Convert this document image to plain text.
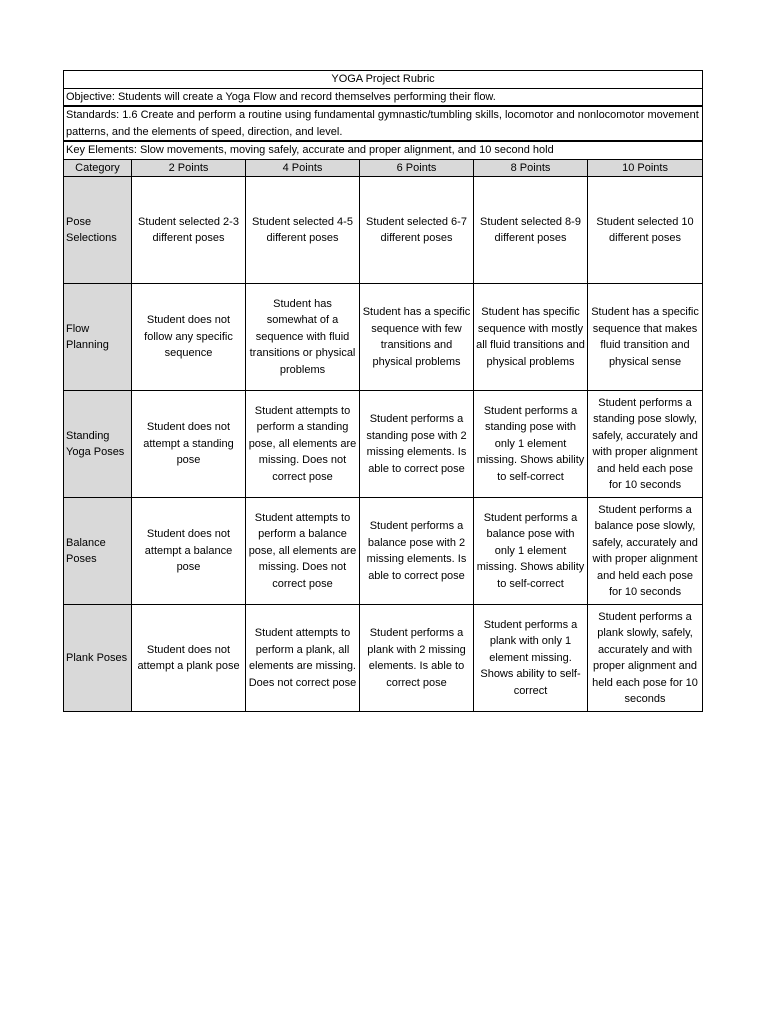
YOGA Project Rubric					
Objective: Students will create a Yoga Flow and record themselves performing their flow.					
Standards: 1.6 Create and perform a routine using fundamental gymnastic/tumbling skills, locomotor and nonlocomotor movement patterns, and the elements of speed, direction, and level.					
Key Elements: Slow movements, moving safely, accurate and proper alignment, and 10 second hold					
Category	2 Points	4 Points	6 Points	8 Points	10 Points
Pose Selections	Student selected 2-3 different poses	Student selected 4-5 different poses	Student selected 6-7 different poses	Student selected 8-9 different poses	Student selected 10 different poses
Flow Planning	Student does not follow any specific sequence	Student has somewhat of a sequence with fluid transitions or physical problems	Student has a specific sequence with few transitions and physical problems	Student has specific sequence with mostly all fluid transitions and physical problems	Student has a specific sequence that makes fluid transition and physical sense
Standing Yoga Poses	Student does not attempt a standing pose	Student attempts to perform a standing pose, all elements are missing. Does not correct pose	Student performs a standing pose with 2 missing elements. Is able to correct pose	Student performs a standing pose with only 1 element missing. Shows ability to self-correct	Student performs a standing pose slowly, safely, accurately and with proper alignment and held each pose for 10 seconds
Balance Poses	Student does not attempt a balance pose	Student attempts to perform a balance pose, all elements are missing. Does not correct pose	Student performs a balance pose with 2 missing elements. Is able to correct pose	Student performs a balance pose with only 1 element missing. Shows ability to self-correct	Student performs a balance pose slowly, safely, accurately and with proper alignment and held each pose for 10 seconds
Plank Poses	Student does not attempt a plank pose	Student attempts to perform a plank, all elements are missing. Does not correct pose	Student performs a plank with 2 missing elements. Is able to correct pose	Student performs a plank with only 1 element missing. Shows ability to self-correct	Student performs a plank slowly, safely, accurately and with proper alignment and held each pose for 10 seconds
